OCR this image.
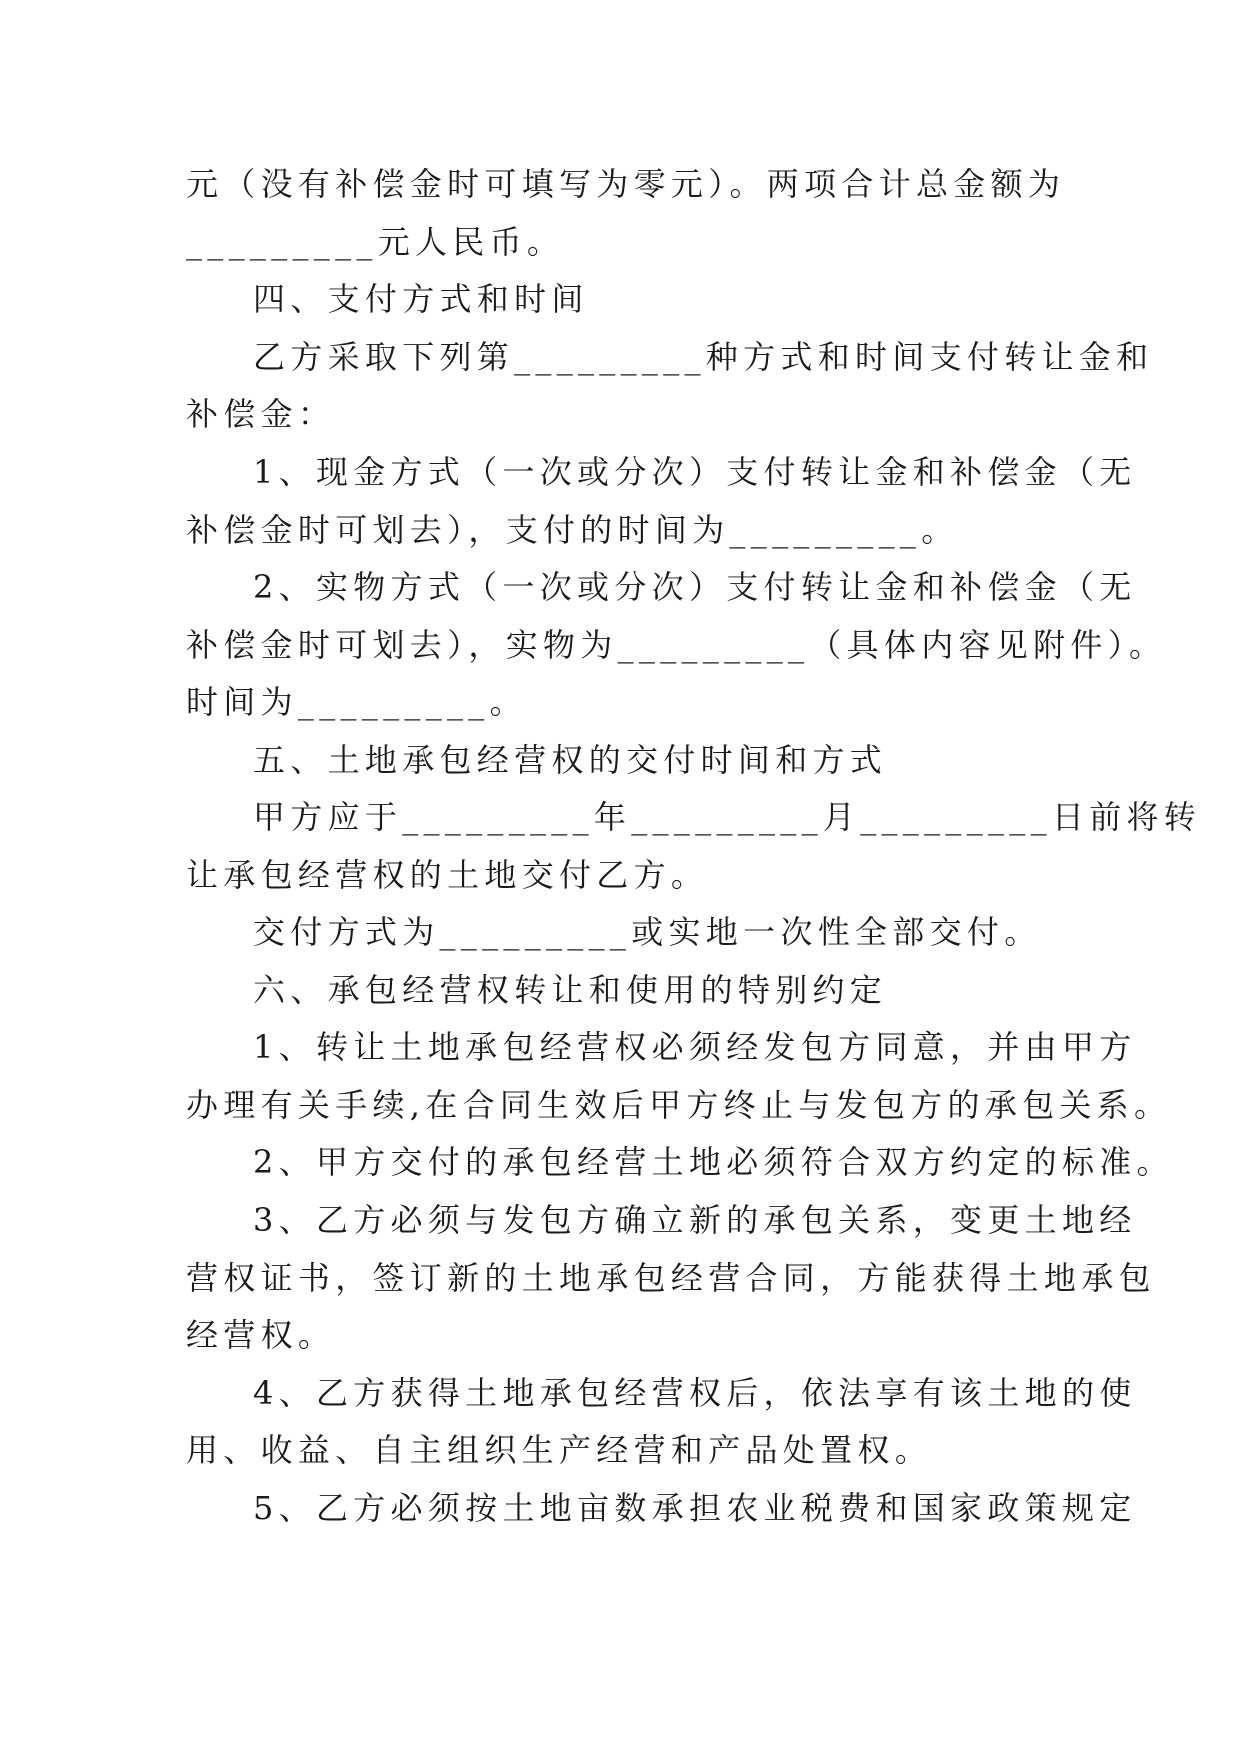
元（没有补偿金时可填写为零元）。两项合计总金额为

_________元人民币。

四、支付方式和时间

乙方采取下列第_________种方式和时间支付转让金和

补偿金：

1、现金方式（一次或分次）支付转让金和补偿金（无

补偿金时可划去），支付的时间为_________。

2、实物方式（一次或分次）支付转让金和补偿金（无

补偿金时可划去），实物为_________（具体内容见附件）。

时间为_________。

五、土地承包经营权的交付时间和方式

甲方应于_________年_________月_________日前将转

让承包经营权的土地交付乙方。

交付方式为_________或实地一次性全部交付。

六、承包经营权转让和使用的特别约定

1、转让土地承包经营权必须经发包方同意，并由甲方

办理有关手续,在合同生效后甲方终止与发包方的承包关系。

2、甲方交付的承包经营土地必须符合双方约定的标准。

3、乙方必须与发包方确立新的承包关系，变更土地经

营权证书，签订新的土地承包经营合同，方能获得土地承包

经营权。

4、乙方获得土地承包经营权后，依法享有该土地的使

用、收益、自主组织生产经营和产品处置权。

5、乙方必须按土地亩数承担农业税费和国家政策规定
